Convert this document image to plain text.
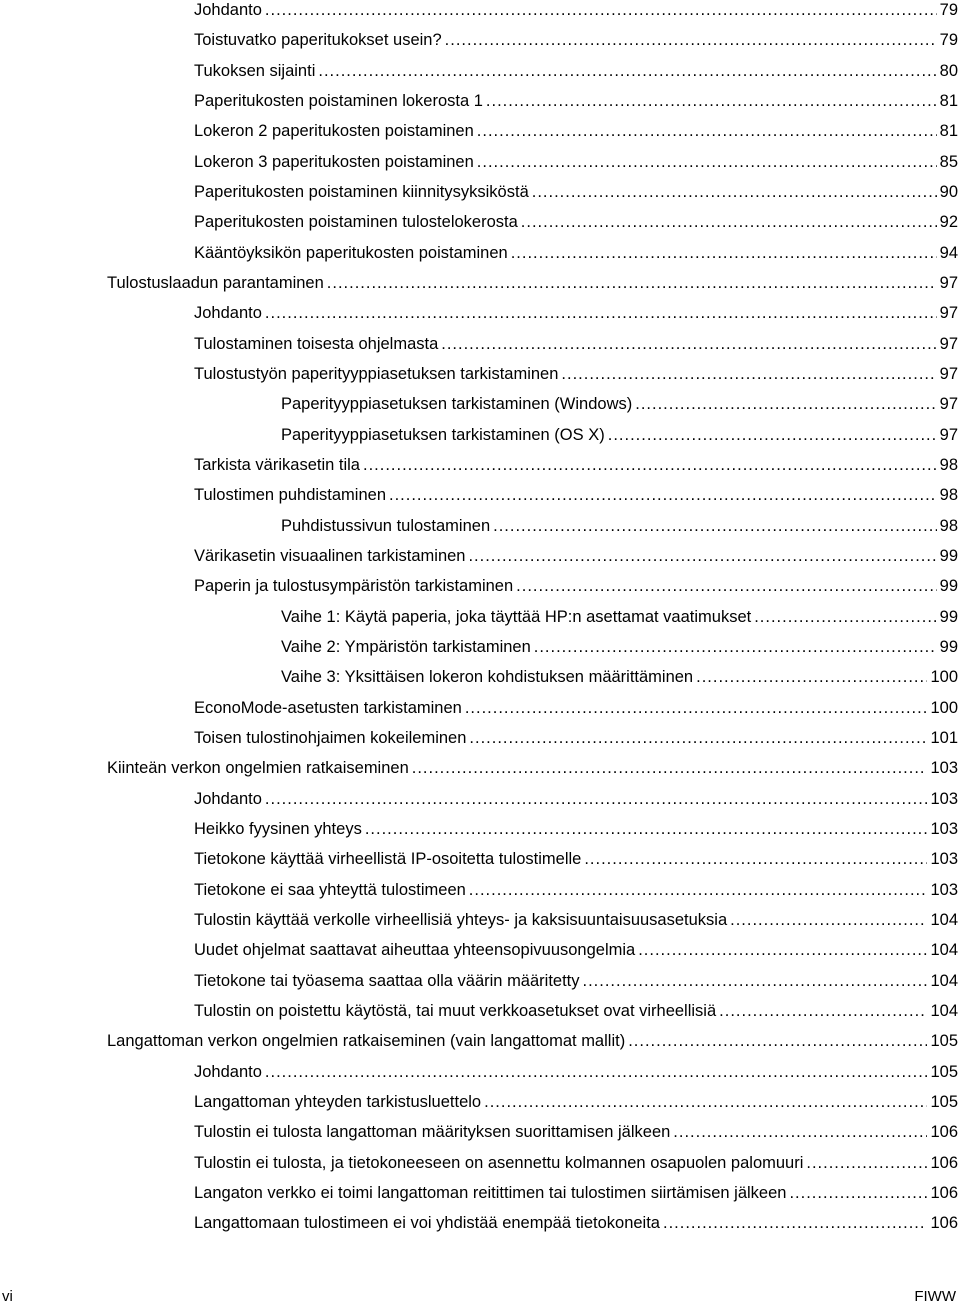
Johdanto .....	79
Toistuvatko paperitukokset usein? .....	79
Tukoksen sijainti .....	80
Paperitukosten poistaminen lokerosta 1 .....	81
Lokeron 2 paperitukosten poistaminen .....	81
Lokeron 3 paperitukosten poistaminen .....	85
Paperitukosten poistaminen kiinnitysyksiköstä .....	90
Paperitukosten poistaminen tulostelokerosta .....	92
Kääntöyksikön paperitukosten poistaminen .....	94
Tulostuslaadun parantaminen .....	97
Johdanto .....	97
Tulostaminen toisesta ohjelmasta .....	97
Tulostustyön paperityyppiasetuksen tarkistaminen .....	97
Paperityyppiasetuksen tarkistaminen (Windows) .....	97
Paperityyppiasetuksen tarkistaminen (OS X) .....	97
Tarkista värikasetin tila .....	98
Tulostimen puhdistaminen .....	98
Puhdistussivun tulostaminen .....	98
Värikasetin visuaalinen tarkistaminen .....	99
Paperin ja tulostusympäristön tarkistaminen .....	99
Vaihe 1: Käytä paperia, joka täyttää HP:n asettamat vaatimukset .....	99
Vaihe 2: Ympäristön tarkistaminen .....	99
Vaihe 3: Yksittäisen lokeron kohdistuksen määrittäminen .....	100
EconoMode-asetusten tarkistaminen .....	100
Toisen tulostinohjaimen kokeileminen .....	101
Kiinteän verkon ongelmien ratkaiseminen .....	103
Johdanto .....	103
Heikko fyysinen yhteys .....	103
Tietokone käyttää virheellistä IP-osoitetta tulostimelle .....	103
Tietokone ei saa yhteyttä tulostimeen .....	103
Tulostin käyttää verkolle virheellisiä yhteys- ja kaksisuuntaisuusasetuksia .....	104
Uudet ohjelmat saattavat aiheuttaa yhteensopivuusongelmia .....	104
Tietokone tai työasema saattaa olla väärin määritetty .....	104
Tulostin on poistettu käytöstä, tai muut verkkoasetukset ovat virheellisiä .....	104
Langattoman verkon ongelmien ratkaiseminen (vain langattomat mallit) .....	105
Johdanto .....	105
Langattoman yhteyden tarkistusluettelo .....	105
Tulostin ei tulosta langattoman määrityksen suorittamisen jälkeen .....	106
Tulostin ei tulosta, ja tietokoneeseen on asennettu kolmannen osapuolen palomuuri .....	106
Langaton verkko ei toimi langattoman reitittimen tai tulostimen siirtämisen jälkeen .....	106
Langattomaan tulostimeen ei voi yhdistää enempää tietokoneita .....	106
vi	FIWW
